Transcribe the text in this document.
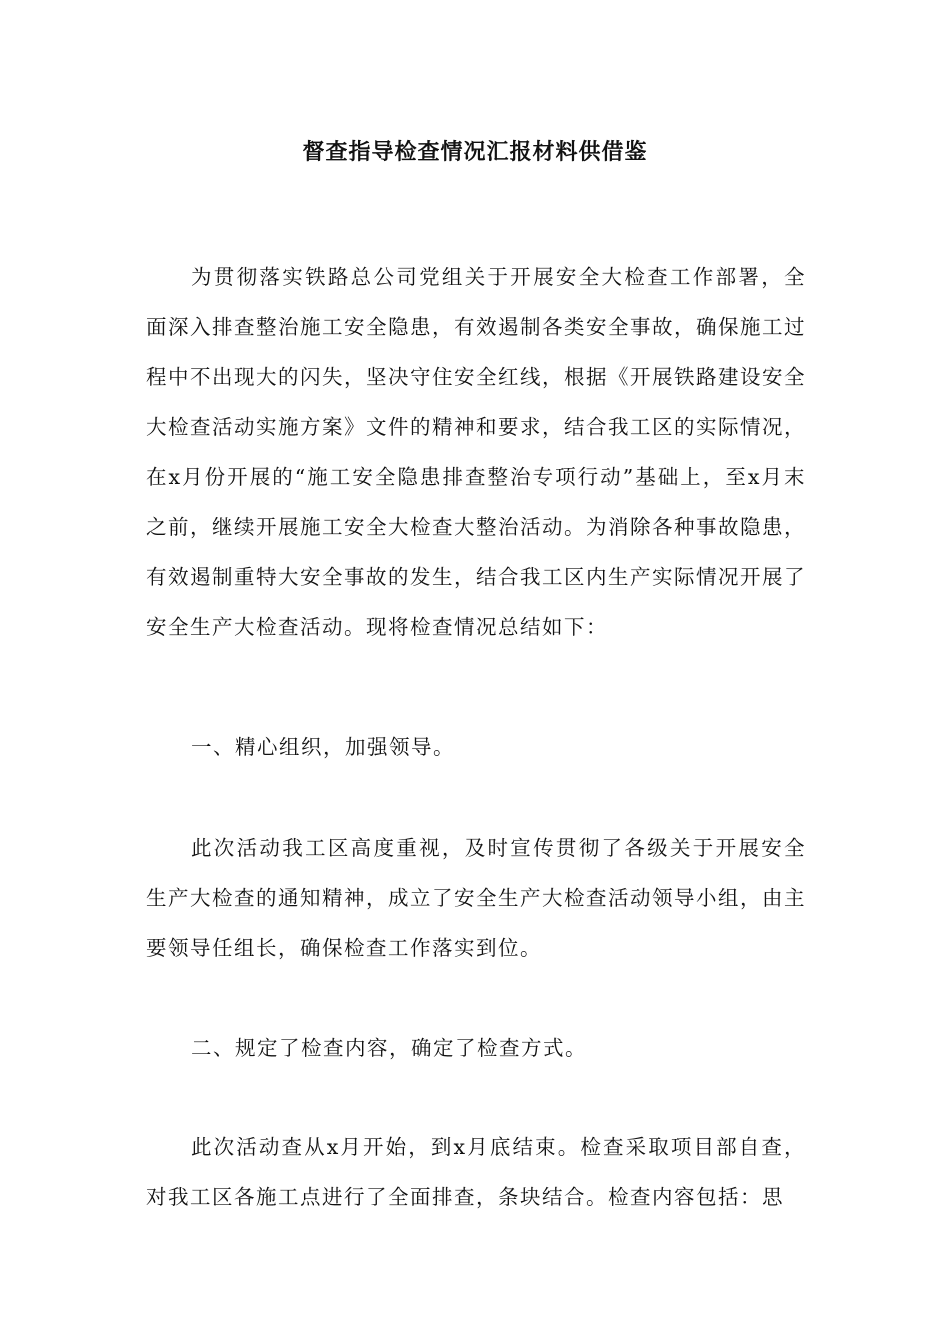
督查指导检查情况汇报材料供借鉴

为贯彻落实铁路总公司党组关于开展安全大检查工作部署，全面深入排查整治施工安全隐患，有效遏制各类安全事故，确保施工过程中不出现大的闪失，坚决守住安全红线，根据《开展铁路建设安全大检查活动实施方案》文件的精神和要求，结合我工区的实际情况，在x月份开展的“施工安全隐患排查整治专项行动”基础上，至x月末之前，继续开展施工安全大检查大整治活动。为消除各种事故隐患，有效遏制重特大安全事故的发生，结合我工区内生产实际情况开展了安全生产大检查活动。现将检查情况总结如下：

一、精心组织，加强领导。

此次活动我工区高度重视，及时宣传贯彻了各级关于开展安全生产大检查的通知精神，成立了安全生产大检查活动领导小组，由主要领导任组长，确保检查工作落实到位。

二、规定了检查内容，确定了检查方式。

此次活动查从x月开始，到x月底结束。检查采取项目部自查，对我工区各施工点进行了全面排查，条块结合。检查内容包括：思
